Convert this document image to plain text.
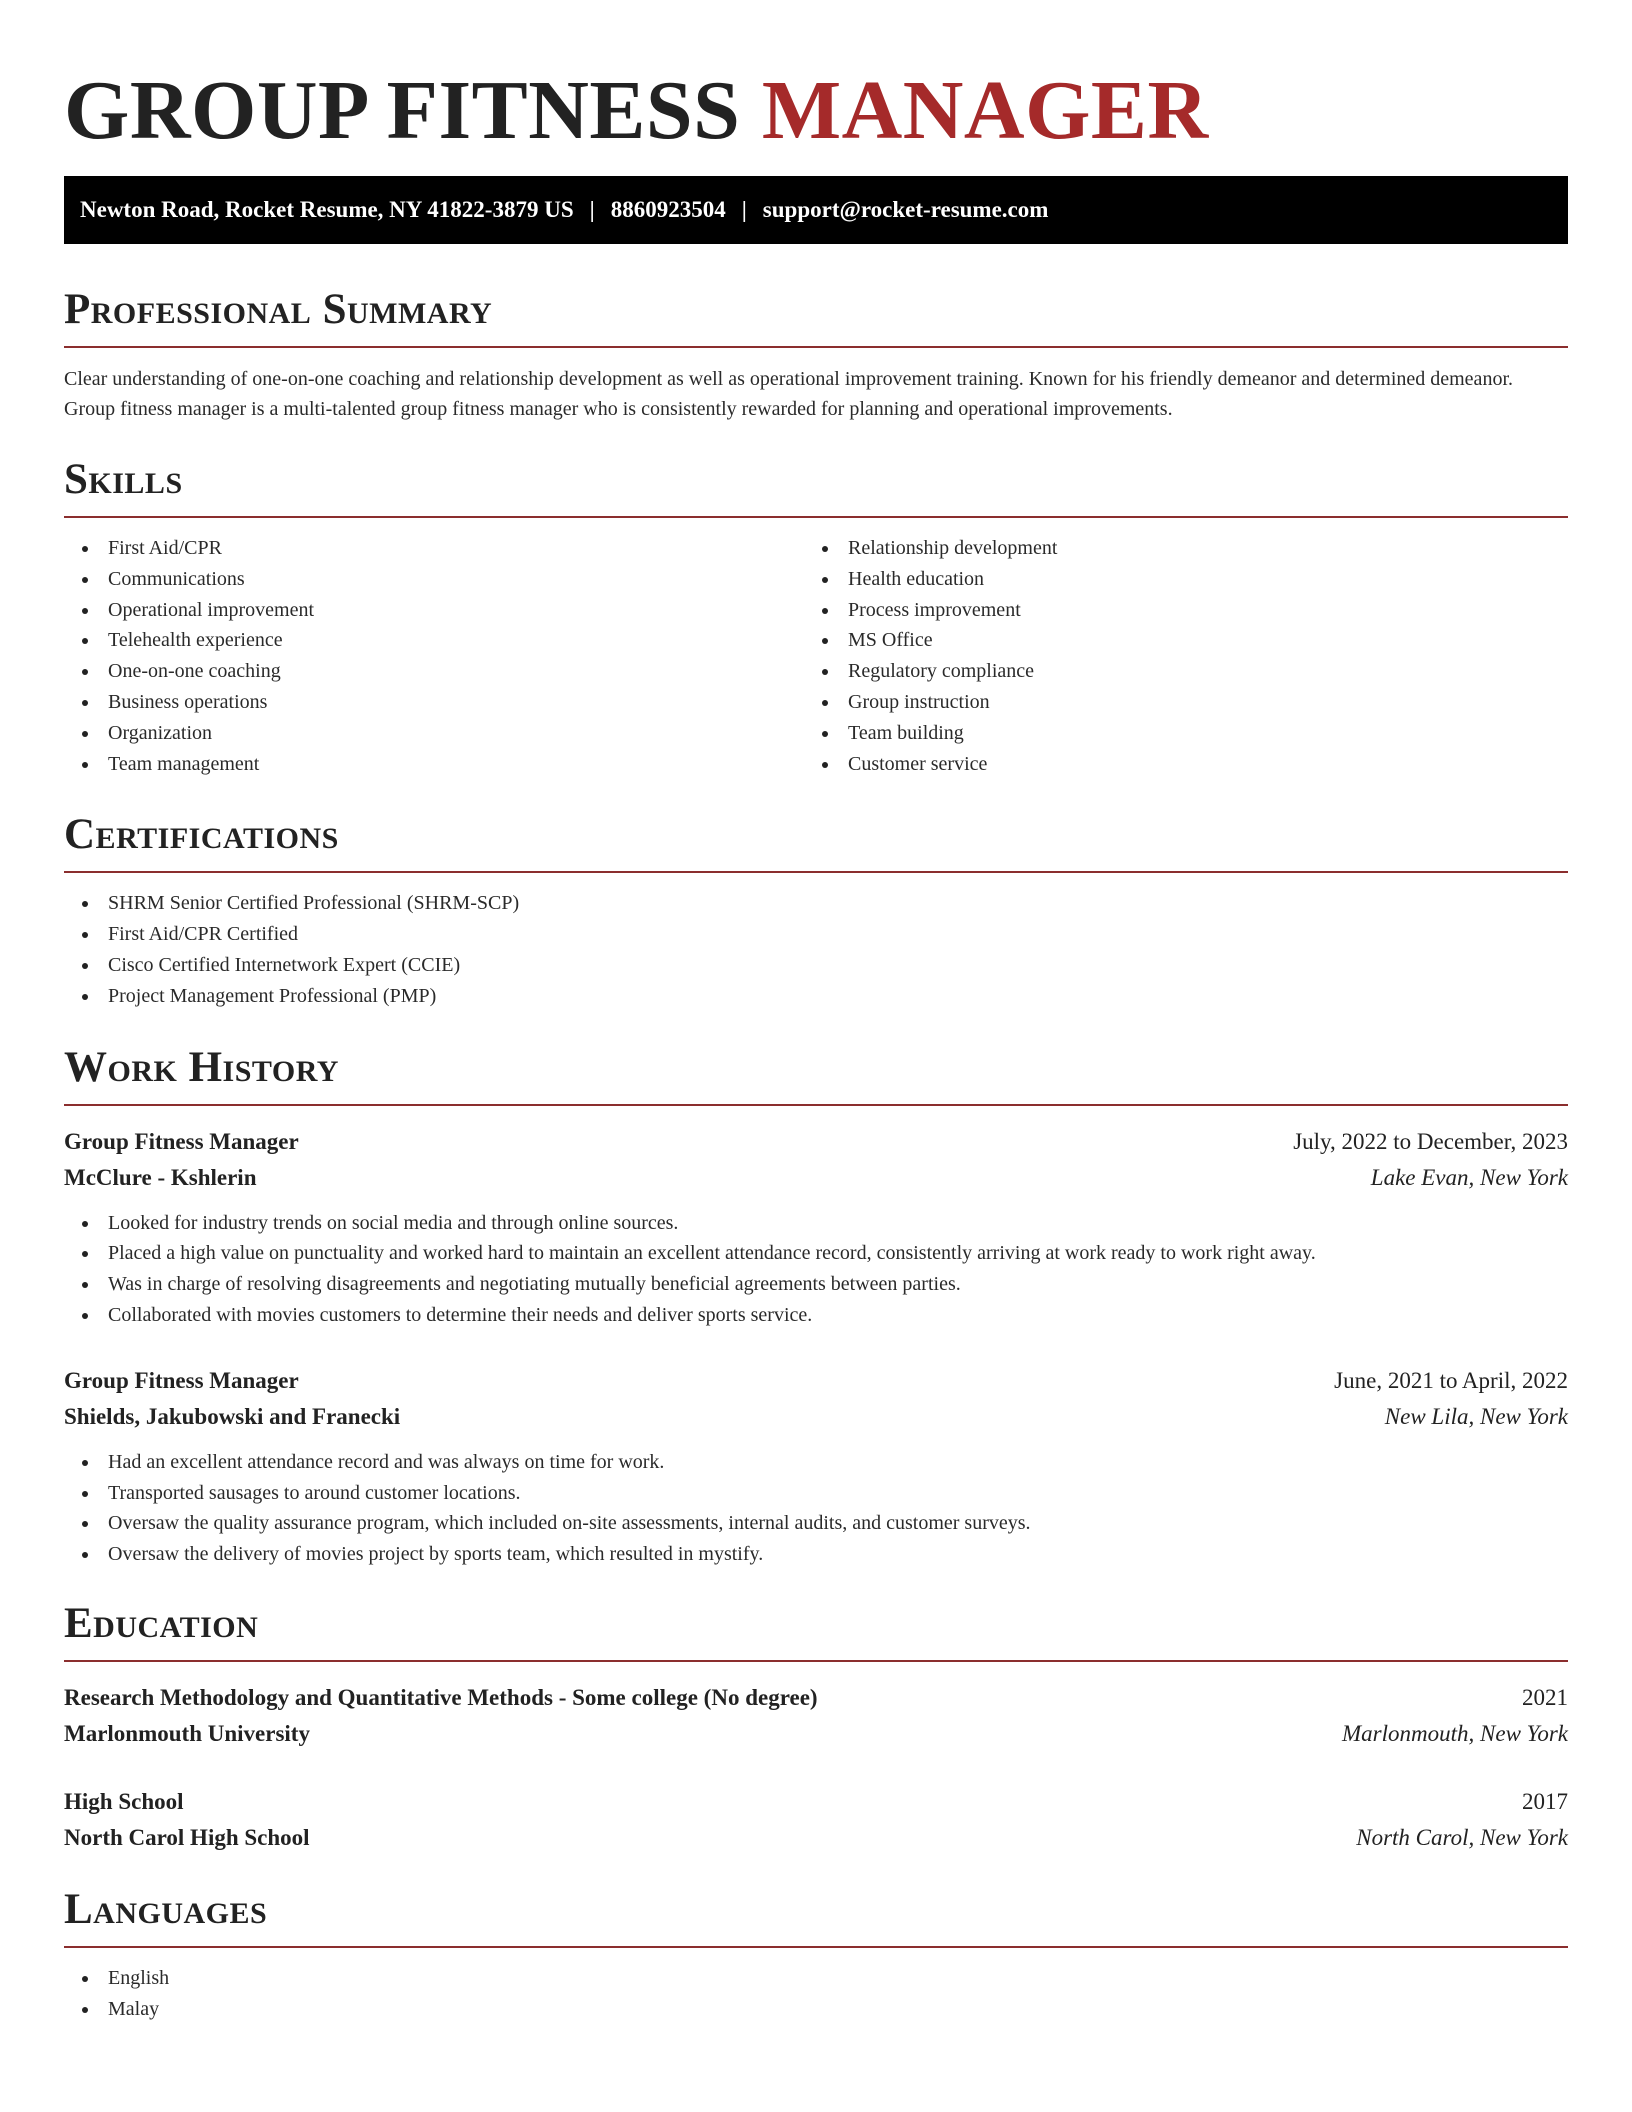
GROUP FITNESS MANAGER
Newton Road, Rocket Resume, NY 41822-3879 US | 8860923504 | support@rocket-resume.com
Professional Summary

Clear understanding of one-on-one coaching and relationship development as well as operational improvement training. Known for his friendly demeanor and determined demeanor. Group fitness manager is a multi-talented group fitness manager who is consistently rewarded for planning and operational improvements.

Skills
First Aid/CPR
Communications
Operational improvement
Telehealth experience
One-on-one coaching
Business operations
Organization
Team management
Relationship development
Health education
Process improvement
MS Office
Regulatory compliance
Group instruction
Team building
Customer service
Certifications
SHRM Senior Certified Professional (SHRM-SCP)
First Aid/CPR Certified
Cisco Certified Internetwork Expert (CCIE)
Project Management Professional (PMP)
Work History
Group Fitness Manager	July, 2022 to December, 2023
McClure - Kshlerin	Lake Evan, New York
Looked for industry trends on social media and through online sources.
Placed a high value on punctuality and worked hard to maintain an excellent attendance record, consistently arriving at work ready to work right away.
Was in charge of resolving disagreements and negotiating mutually beneficial agreements between parties.
Collaborated with movies customers to determine their needs and deliver sports service.
Group Fitness Manager	June, 2021 to April, 2022
Shields, Jakubowski and Franecki	New Lila, New York
Had an excellent attendance record and was always on time for work.
Transported sausages to around customer locations.
Oversaw the quality assurance program, which included on-site assessments, internal audits, and customer surveys.
Oversaw the delivery of movies project by sports team, which resulted in mystify.
Education
Research Methodology and Quantitative Methods - Some college (No degree)	2021
Marlonmouth University	Marlonmouth, New York
High School	2017
North Carol High School	North Carol, New York
Languages
English
Malay
